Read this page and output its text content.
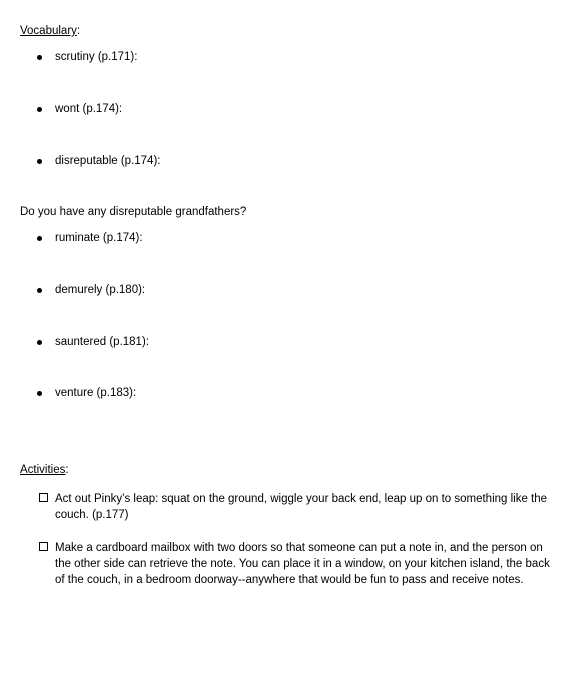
Vocabulary:
scrutiny (p.171):
wont (p.174):
disreputable (p.174):
Do you have any disreputable grandfathers?
ruminate (p.174):
demurely (p.180):
sauntered (p.181):
venture (p.183):
Activities:
Act out Pinky’s leap: squat on the ground, wiggle your back end, leap up on to something like the couch. (p.177)
Make a cardboard mailbox with two doors so that someone can put a note in, and the person on the other side can retrieve the note. You can place it in a window, on your kitchen island, the back of the couch, in a bedroom doorway--anywhere that would be fun to pass and receive notes.
